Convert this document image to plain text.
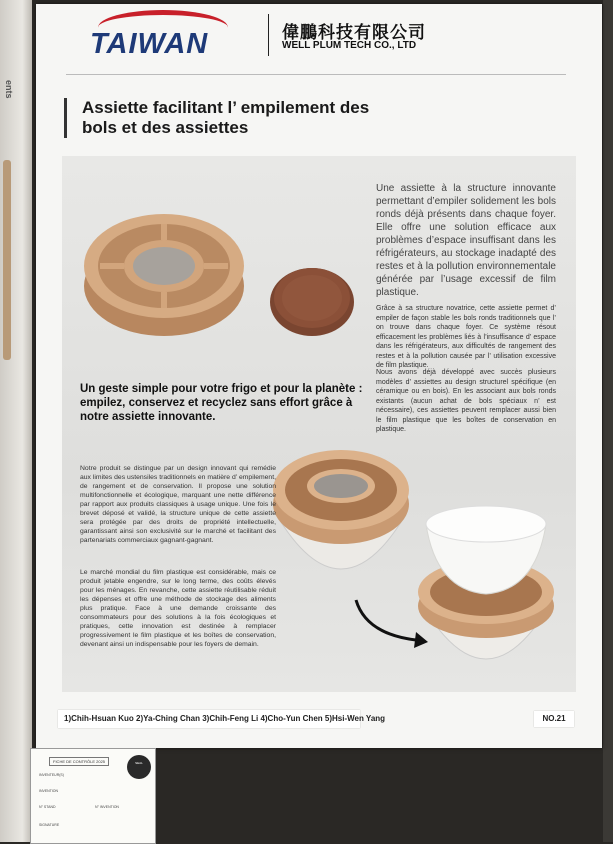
ents
TAIWAN	偉鵬科技有限公司
WELL PLUM TECH CO., LTD
Assiette facilitant l’ empilement des bols et des assiettes
Une assiette à la structure innovante permettant d’empiler solidement les bols ronds déjà présents dans chaque foyer. Elle offre une solution efficace aux problèmes d’espace insuffisant dans les réfrigérateurs, au stockage inadapté des restes et à la pollution environnementale générée par l’usage excessif de film plastique.
Grâce à sa structure novatrice, cette assiette permet d’ empiler de façon stable les bols ronds traditionnels que l’ on trouve dans chaque foyer. Ce système résout efficacement les problèmes liés à l’insuffisance d’ espace dans les réfrigérateurs, aux difficultés de rangement des restes et à la pollution causée par l’ utilisation excessive de film plastique.
Nous avons déjà développé avec succès plusieurs modèles d’ assiettes au design structurel spécifique (en céramique ou en bois). En les associant aux bols ronds existants (aucun achat de bols spéciaux n’ est nécessaire), ces assiettes peuvent remplacer aussi bien le film plastique que les boîtes de conservation en plastique.
Un geste simple pour votre frigo et pour la planète : empilez, conservez et recyclez sans effort grâce à notre assiette innovante.
Notre produit se distingue par un design innovant qui remédie aux limites des ustensiles traditionnels en matière d’ empilement, de rangement et de conservation. Il propose une solution multifonctionnelle et écologique, marquant une nette différence par rapport aux produits classiques à usage unique. Une fois le brevet déposé et validé, la structure unique de cette assiette sera protégée par des droits de propriété intellectuelle, garantissant ainsi son exclusivité sur le marché et facilitant des partenariats commerciaux gagnant-gagnant.
Le marché mondial du film plastique est considérable, mais ce produit jetable engendre, sur le long terme, des coûts élevés pour les ménages. En revanche, cette assiette réutilisable réduit les dépenses et offre une méthode de stockage des aliments plus pratique. Face à une demande croissante des consommateurs pour des solutions à la fois écologiques et pratiques, cette innovation est destinée à remplacer progressivement le film plastique et les boîtes de conservation, devenant ainsi un indispensable pour les foyers de demain.
1)Chih-Hsuan Kuo 2)Ya-Ching Chan 3)Chih-Feng Li 4)Cho-Yun Chen 5)Hsi-Wen Yang	NO.21
FICHE DE CONTRÔLE 2025	SEAL
INVENTEUR(S)
INVENTION
N° STAND	N° INVENTION
SIGNATURE
